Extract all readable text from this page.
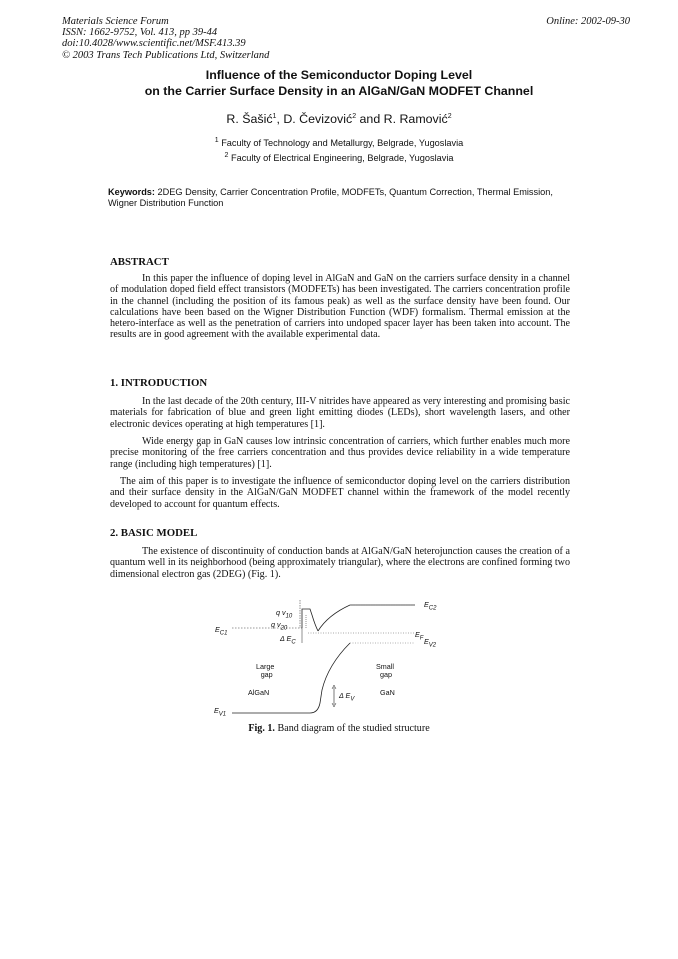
Materials Science Forum
ISSN: 1662-9752, Vol. 413, pp 39-44
doi:10.4028/www.scientific.net/MSF.413.39
© 2003 Trans Tech Publications Ltd, Switzerland
Online: 2002-09-30
Influence of the Semiconductor Doping Level
on the Carrier Surface Density in an AlGaN/GaN MODFET Channel
R. Šašić$^1$, D. Čevizović$^2$ and R. Ramović$^2$
$^1$ Faculty of Technology and Metallurgy, Belgrade, Yugoslavia
$^2$ Faculty of Electrical Engineering, Belgrade, Yugoslavia
Keywords: 2DEG Density, Carrier Concentration Profile, MODFETs, Quantum Correction, Thermal Emission, Wigner Distribution Function
ABSTRACT
In this paper the influence of doping level in AlGaN and GaN on the carriers surface density in a channel of modulation doped field effect transistors (MODFETs) has been investigated. The carriers concentration profile in the channel (including the position of its famous peak) as well as the surface density have been found. Our calculations have been based on the Wigner Distribution Function (WDF) formalism. Thermal emission at the hetero-interface as well as the penetration of carriers into undoped spacer layer has been taken into account. The results are in good agreement with the available experimental data.
1. INTRODUCTION
In the last decade of the 20th century, III-V nitrides have appeared as very interesting and promising basic materials for fabrication of blue and green light emitting diodes (LEDs), short wavelength lasers, and other electronic devices operating at high temperatures [1].
Wide energy gap in GaN causes low intrinsic concentration of carriers, which further enables much more precise monitoring of the free carriers concentration and thus provides device reliability in a wide temperature range (including high temperatures) [1].
The aim of this paper is to investigate the influence of semiconductor doping level on the carriers distribution and their surface density in the AlGaN/GaN MODFET channel within the framework of the model recently developed to account for quantum effects.
2. BASIC MODEL
The existence of discontinuity of conduction bands at AlGaN/GaN heterojunction causes the creation of a quantum well in its neighborhood (being approximately triangular), where the electrons are confined forming two dimensional electron gas (2DEG) (Fig. 1).
q $v_{10}$
q $v_{20}$
Δ $E_C$
$E_{C1}$
$E_{C2}$
$E_F$ $E_{V2}$
Large
gap
Small
gap
AlGaN	GaN
Δ $E_V$
$E_{V1}$
Fig. 1. Band diagram of the studied structure
